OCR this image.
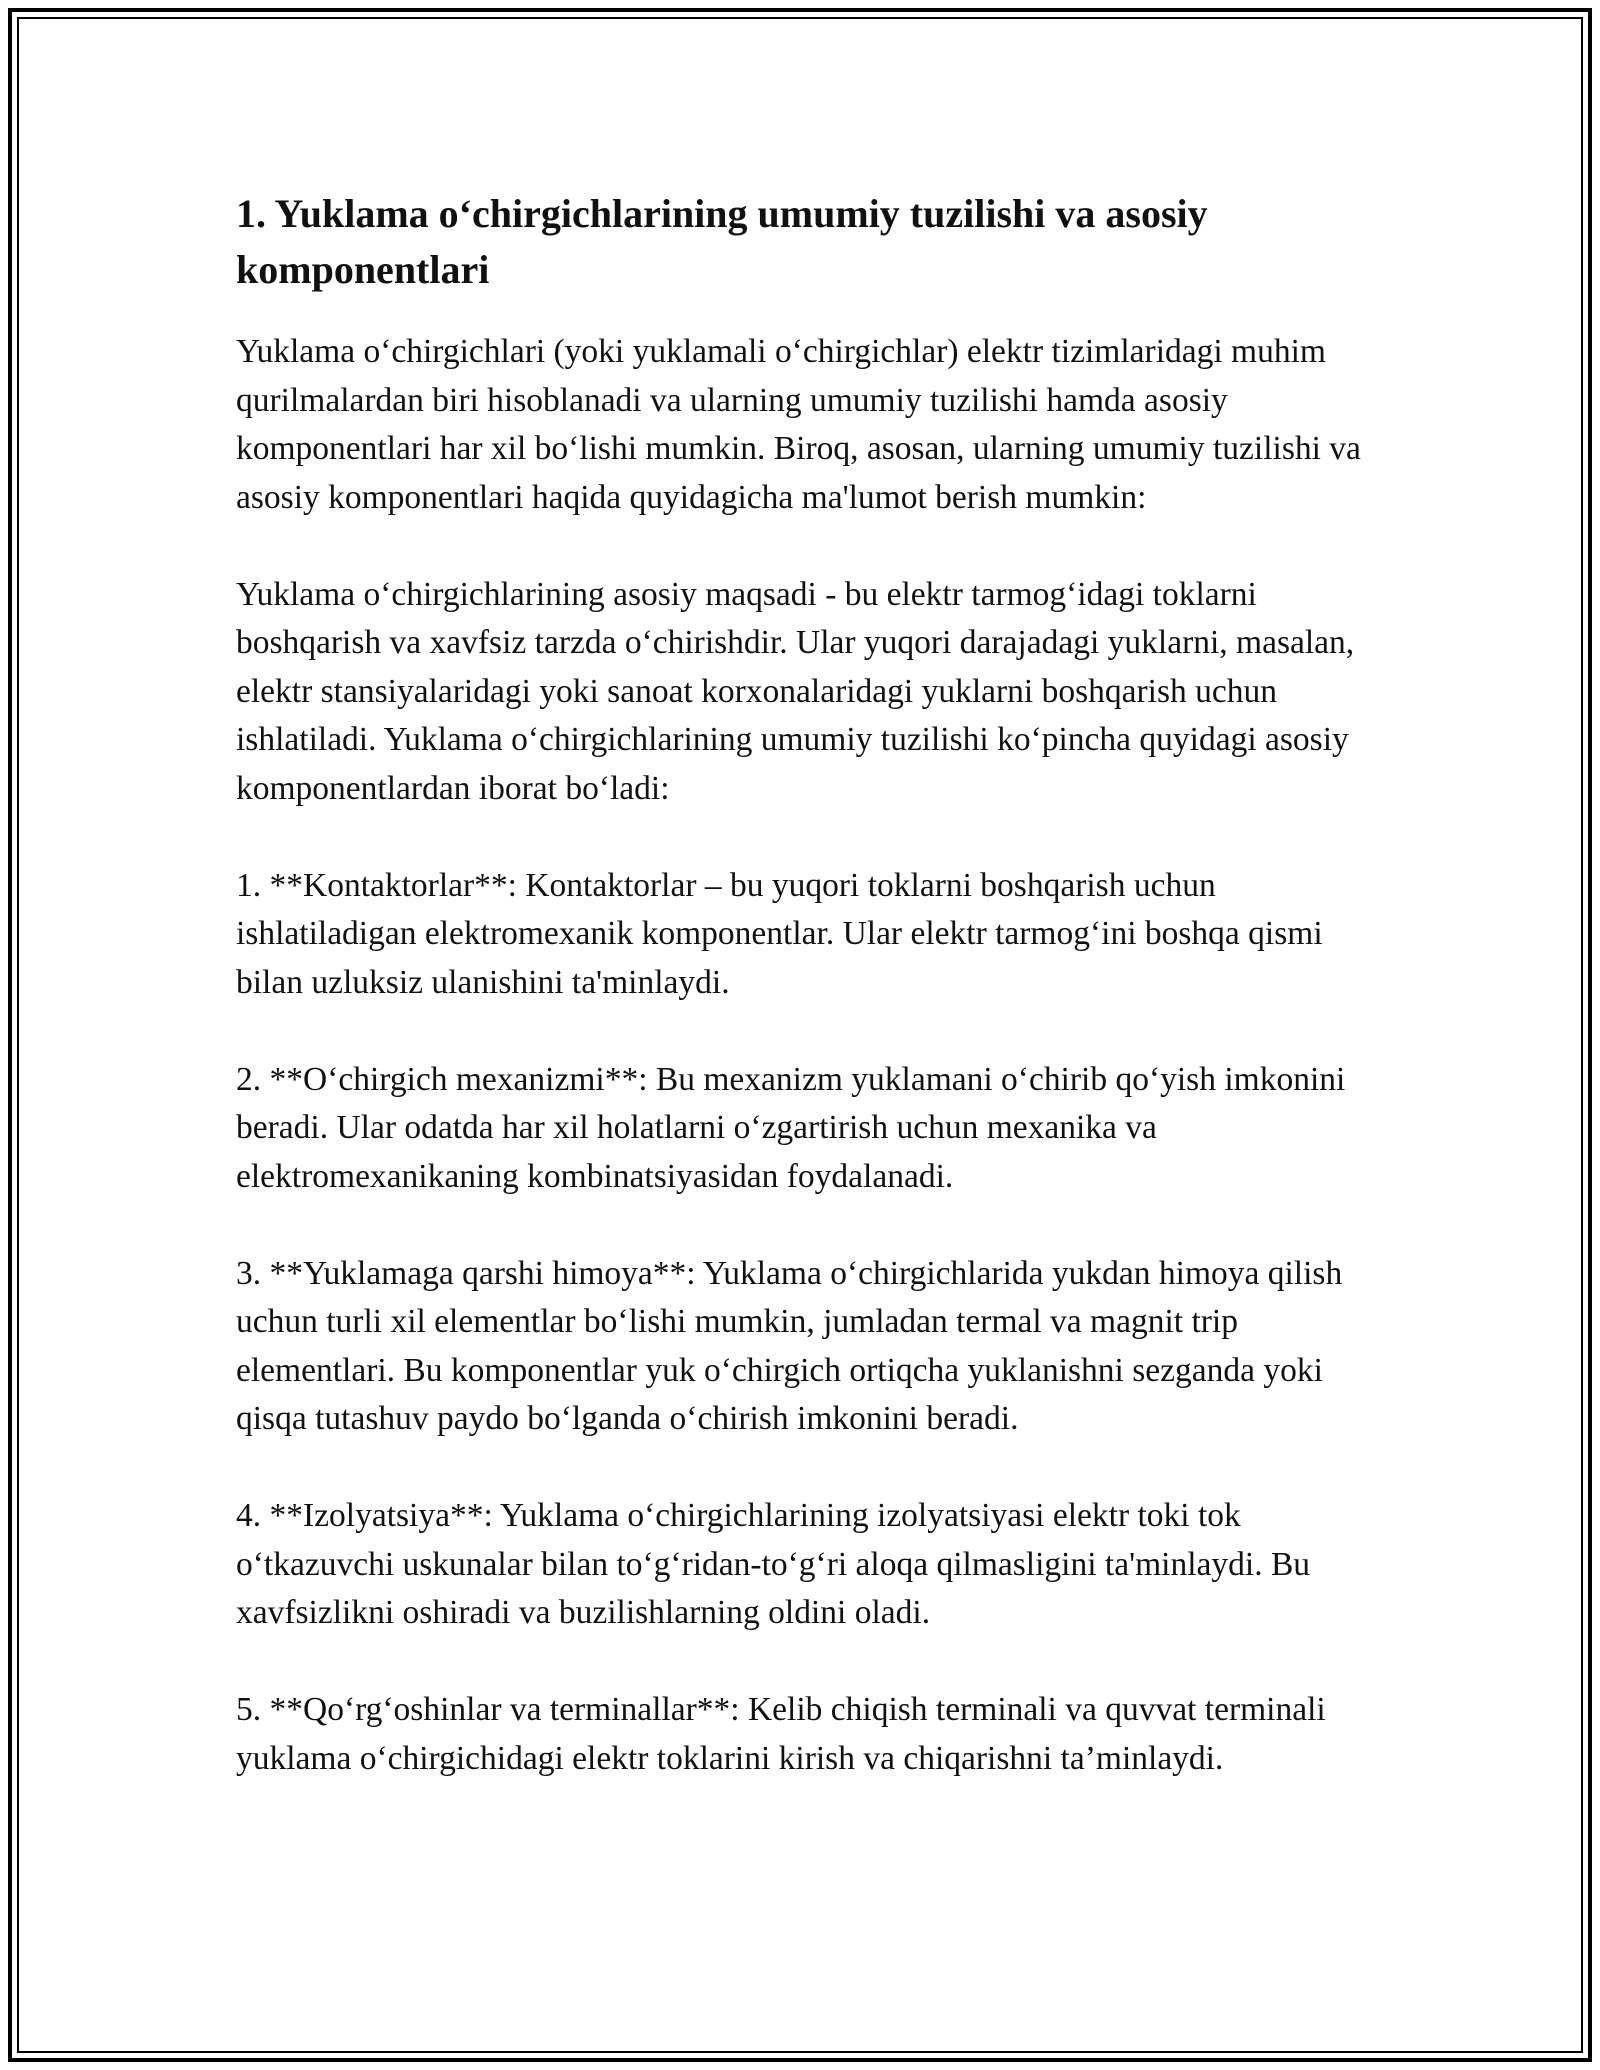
1. Yuklama o‘chirgichlarining umumiy tuzilishi va asosiy komponentlari

Yuklama o‘chirgichlari (yoki yuklamali o‘chirgichlar) elektr tizimlaridagi muhim qurilmalardan biri hisoblanadi va ularning umumiy tuzilishi hamda asosiy komponentlari har xil bo‘lishi mumkin. Biroq, asosan, ularning umumiy tuzilishi va asosiy komponentlari haqida quyidagicha ma'lumot berish mumkin:

Yuklama o‘chirgichlarining asosiy maqsadi - bu elektr tarmog‘idagi toklarni boshqarish va xavfsiz tarzda o‘chirishdir. Ular yuqori darajadagi yuklarni, masalan, elektr stansiyalaridagi yoki sanoat korxonalaridagi yuklarni boshqarish uchun ishlatiladi. Yuklama o‘chirgichlarining umumiy tuzilishi ko‘pincha quyidagi asosiy komponentlardan iborat bo‘ladi:

1. **Kontaktorlar**: Kontaktorlar – bu yuqori toklarni boshqarish uchun ishlatiladigan elektromexanik komponentlar. Ular elektr tarmog‘ini boshqa qismi bilan uzluksiz ulanishini ta'minlaydi.

2. **O‘chirgich mexanizmi**: Bu mexanizm yuklamani o‘chirib qo‘yish imkonini beradi. Ular odatda har xil holatlarni o‘zgartirish uchun mexanika va elektromexanikaning kombinatsiyasidan foydalanadi.

3. **Yuklamaga qarshi himoya**: Yuklama o‘chirgichlarida yukdan himoya qilish uchun turli xil elementlar bo‘lishi mumkin, jumladan termal va magnit trip elementlari. Bu komponentlar yuk o‘chirgich ortiqcha yuklanishni sezganda yoki qisqa tutashuv paydo bo‘lganda o‘chirish imkonini beradi.

4. **Izolyatsiya**: Yuklama o‘chirgichlarining izolyatsiyasi elektr toki tok o‘tkazuvchi uskunalar bilan to‘g‘ridan-to‘g‘ri aloqa qilmasligini ta'minlaydi. Bu xavfsizlikni oshiradi va buzilishlarning oldini oladi.

5. **Qo‘rg‘oshinlar va terminallar**: Kelib chiqish terminali va quvvat terminali yuklama o‘chirgichidagi elektr toklarini kirish va chiqarishni ta’minlaydi.
